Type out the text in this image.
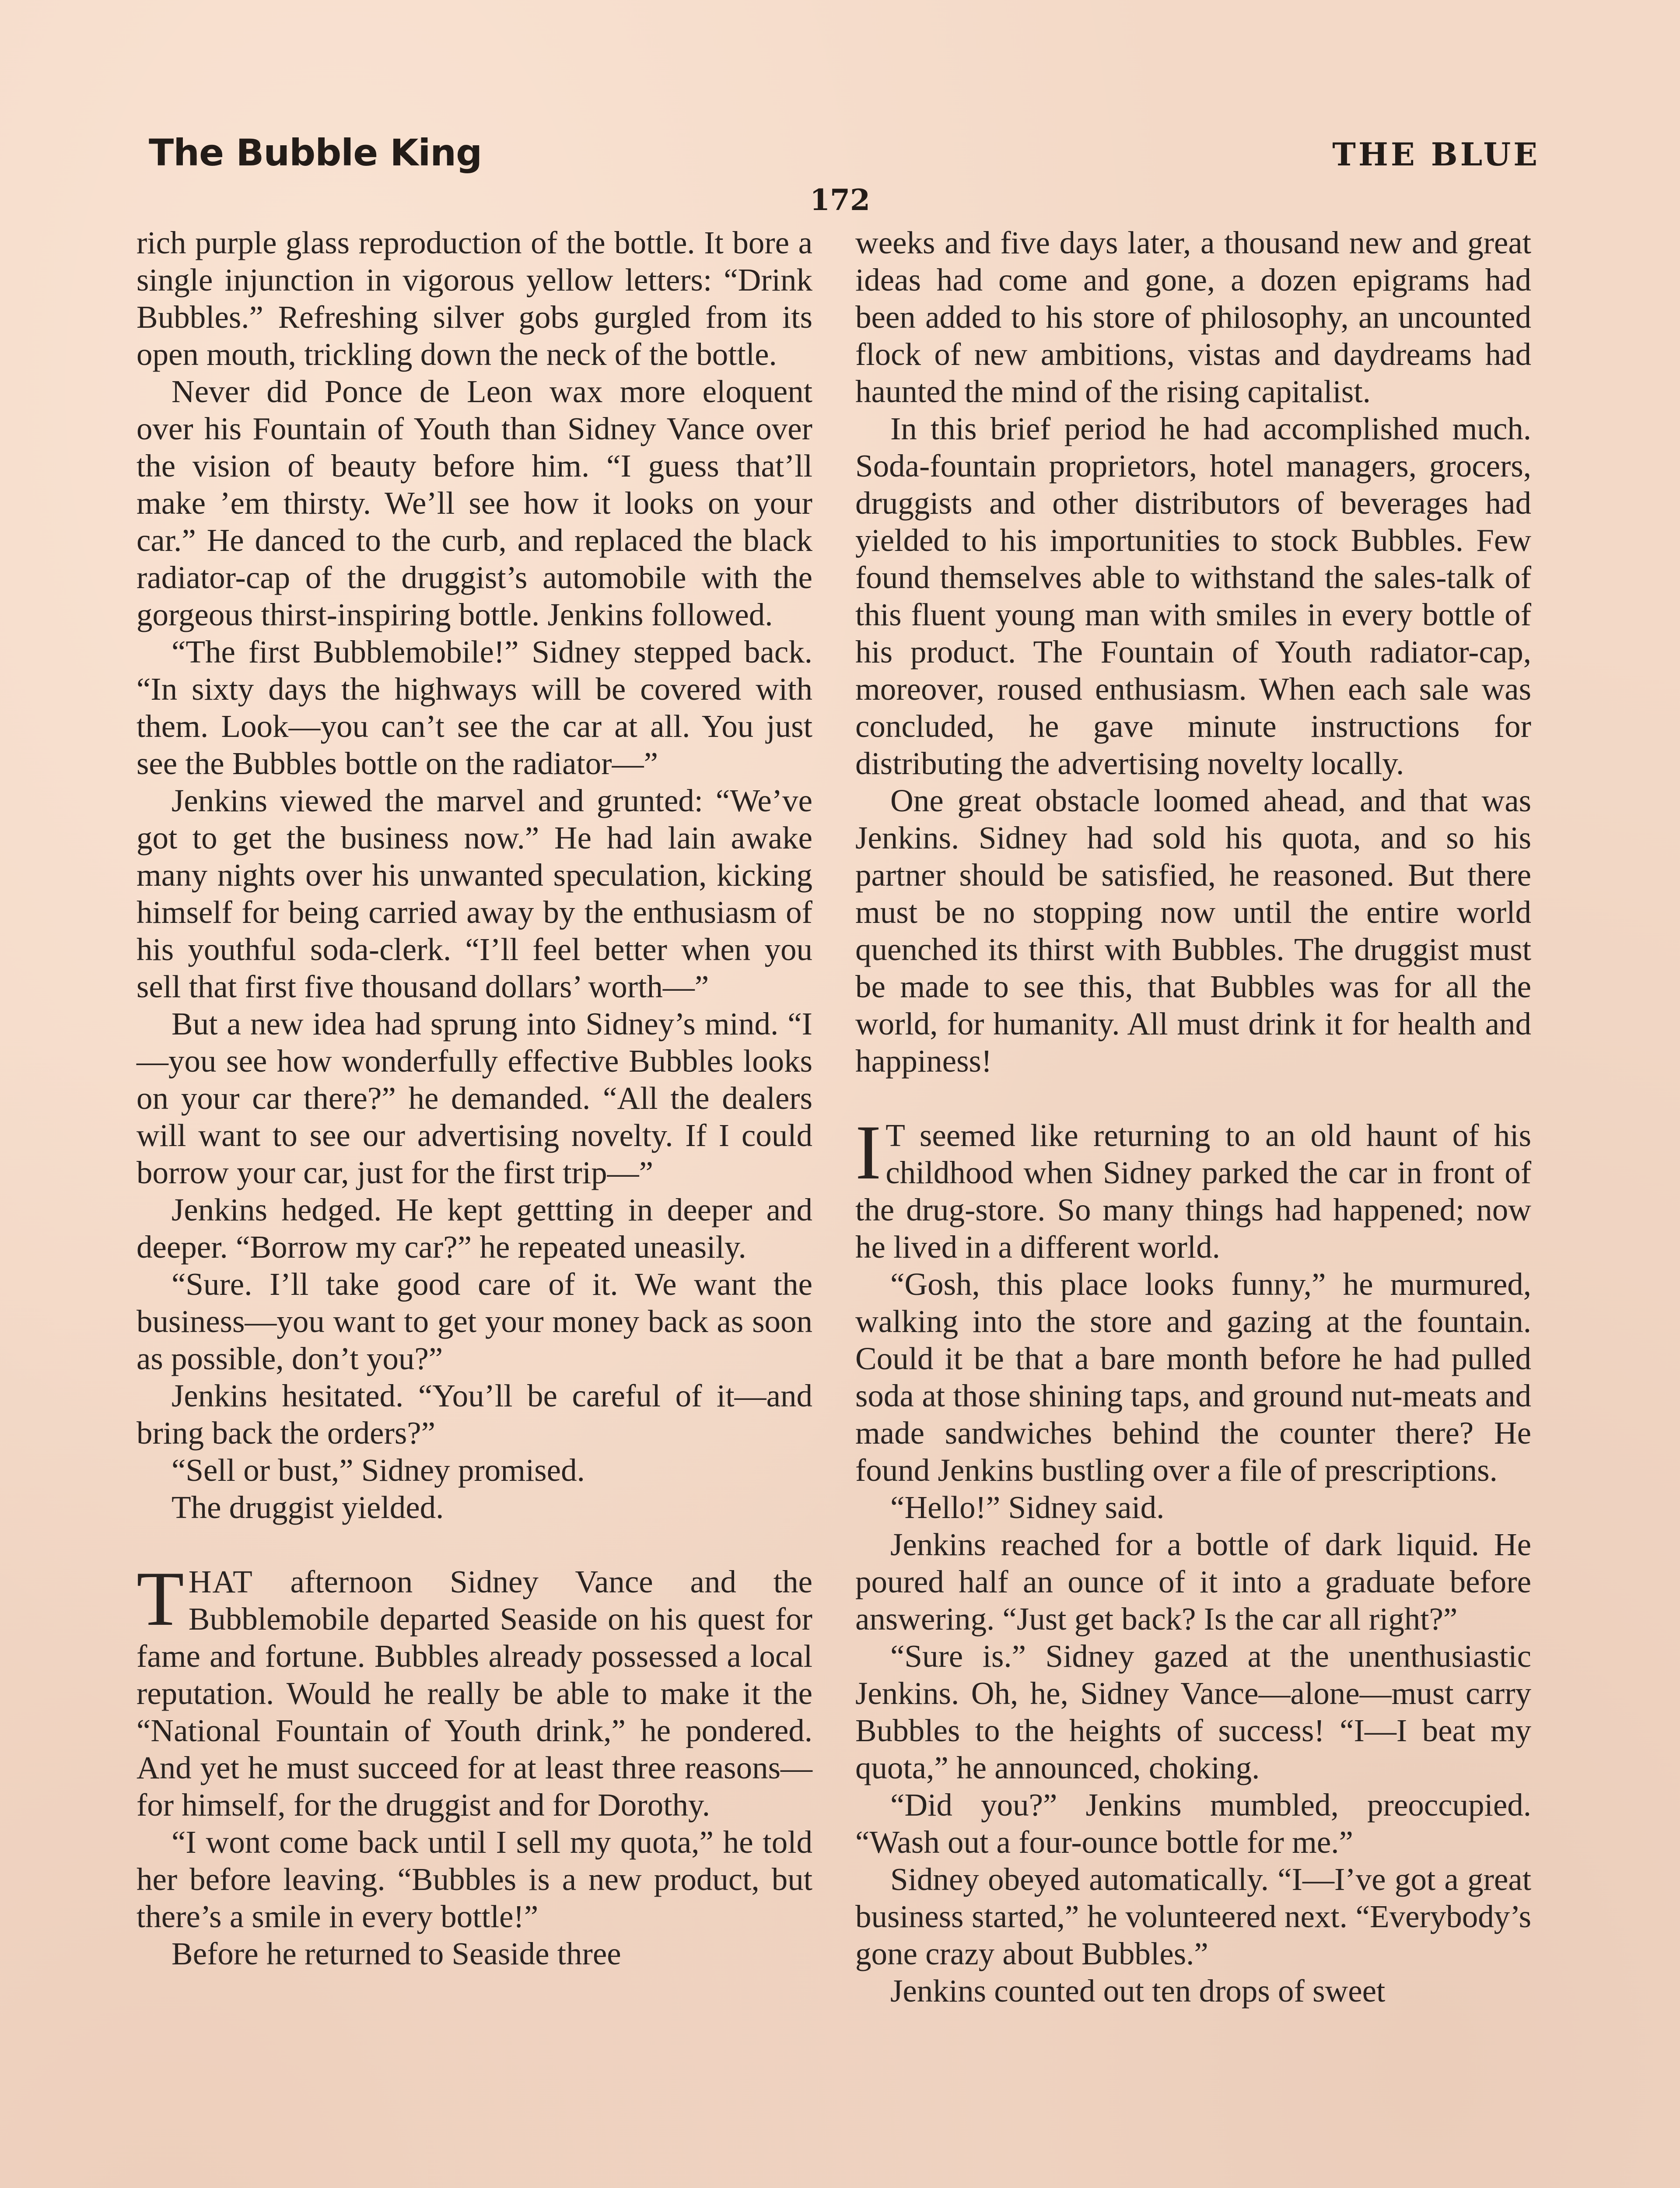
The Bubble King	THE BLUE
172

rich purple glass reproduction of the bottle. It bore a single injunction in vigorous yellow letters: “Drink Bubbles.” Refreshing silver gobs gurgled from its open mouth, trickling down the neck of the bottle.

Never did Ponce de Leon wax more eloquent over his Fountain of Youth than Sidney Vance over the vision of beauty before him. “I guess that’ll make ’em thirsty. We’ll see how it looks on your car.” He danced to the curb, and replaced the black radiator-cap of the druggist’s automobile with the gorgeous thirst-inspiring bottle. Jenkins followed.

“The first Bubblemobile!” Sidney stepped back. “In sixty days the highways will be covered with them. Look—you can’t see the car at all. You just see the Bubbles bottle on the radiator—”

Jenkins viewed the marvel and grunted: “We’ve got to get the business now.” He had lain awake many nights over his unwanted speculation, kicking himself for being carried away by the enthusiasm of his youthful soda-clerk. “I’ll feel better when you sell that first five thousand dollars’ worth—”

But a new idea had sprung into Sidney’s mind. “I—you see how wonderfully effective Bubbles looks on your car there?” he demanded. “All the dealers will want to see our advertising novelty. If I could borrow your car, just for the first trip—”

Jenkins hedged. He kept gettting in deeper and deeper. “Borrow my car?” he repeated uneasily.

“Sure. I’ll take good care of it. We want the business—you want to get your money back as soon as possible, don’t you?”

Jenkins hesitated. “You’ll be careful of it—and bring back the orders?”

“Sell or bust,” Sidney promised.

The druggist yielded.

THAT afternoon Sidney Vance and the Bubblemobile departed Seaside on his quest for fame and fortune. Bubbles already possessed a local reputation. Would he really be able to make it the “National Fountain of Youth drink,” he pondered. And yet he must succeed for at least three reasons—for himself, for the druggist and for Dorothy.

“I wont come back until I sell my quota,” he told her before leaving. “Bubbles is a new product, but there’s a smile in every bottle!”

Before he returned to Seaside three

weeks and five days later, a thousand new and great ideas had come and gone, a dozen epigrams had been added to his store of philosophy, an uncounted flock of new ambitions, vistas and daydreams had haunted the mind of the rising capitalist.

In this brief period he had accomplished much. Soda-fountain proprietors, hotel managers, grocers, druggists and other distributors of beverages had yielded to his importunities to stock Bubbles. Few found themselves able to withstand the sales-talk of this fluent young man with smiles in every bottle of his product. The Fountain of Youth radiator-cap, moreover, roused enthusiasm. When each sale was concluded, he gave minute instructions for distributing the advertising novelty locally.

One great obstacle loomed ahead, and that was Jenkins. Sidney had sold his quota, and so his partner should be satisfied, he reasoned. But there must be no stopping now until the entire world quenched its thirst with Bubbles. The druggist must be made to see this, that Bubbles was for all the world, for humanity. All must drink it for health and happiness!

I T seemed like returning to an old haunt of his childhood when Sidney parked the car in front of the drug-store. So many things had happened; now he lived in a different world.

“Gosh, this place looks funny,” he murmured, walking into the store and gazing at the fountain. Could it be that a bare month before he had pulled soda at those shining taps, and ground nut-meats and made sandwiches behind the counter there? He found Jenkins bustling over a file of prescriptions.

“Hello!” Sidney said.

Jenkins reached for a bottle of dark liquid. He poured half an ounce of it into a graduate before answering. “Just get back? Is the car all right?”

“Sure is.” Sidney gazed at the unenthusiastic Jenkins. Oh, he, Sidney Vance—alone—must carry Bubbles to the heights of success! “I—I beat my quota,” he announced, choking.

“Did you?” Jenkins mumbled, preoccupied. “Wash out a four-ounce bottle for me.”

Sidney obeyed automatically. “I—I’ve got a great business started,” he volunteered next. “Everybody’s gone crazy about Bubbles.”

Jenkins counted out ten drops of sweet
